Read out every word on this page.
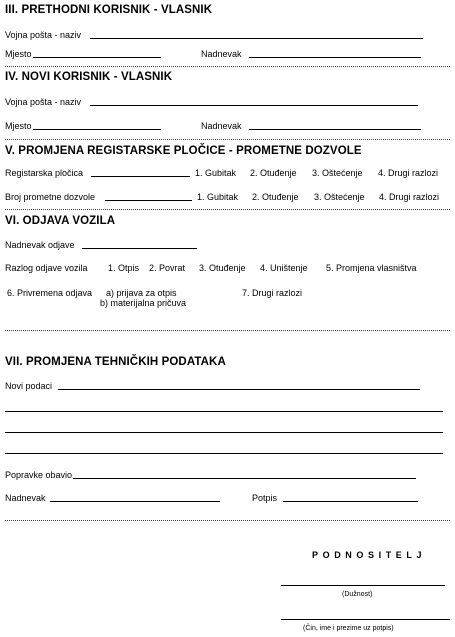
III. PRETHODNI KORISNIK - VLASNIK
Vojna pošta - naziv
Mjesto	Nadnevak
IV. NOVI KORISNIK - VLASNIK
Vojna pošta - naziv
Mjesto	Nadnevak
V. PROMJENA REGISTARSKE PLOČICE - PROMETNE DOZVOLE
Registarska pločica	1. Gubitak 2. Otuđenje 3. Oštećenje 4. Drugi razlozi
Broj prometne dozvole	1. Gubitak 2. Otuđenje 3. Oštećenje 4. Drugi razlozi
VI. ODJAVA VOZILA
Nadnevak odjave
Razlog odjave vozila 1. Otpis 2. Povrat 3. Otuđenje 4. Uništenje 5. Promjena vlasništva
6. Privremena odjava a) prijava za otpis
b) materijalna pričuva
7. Drugi razlozi
VII. PROMJENA TEHNIČKIH PODATAKA
Novi podaci
Popravke obavio
Nadnevak	Potpis
PODNOSITELJ
(Dužnost)
(Čin, ime i prezime uz potpis)
